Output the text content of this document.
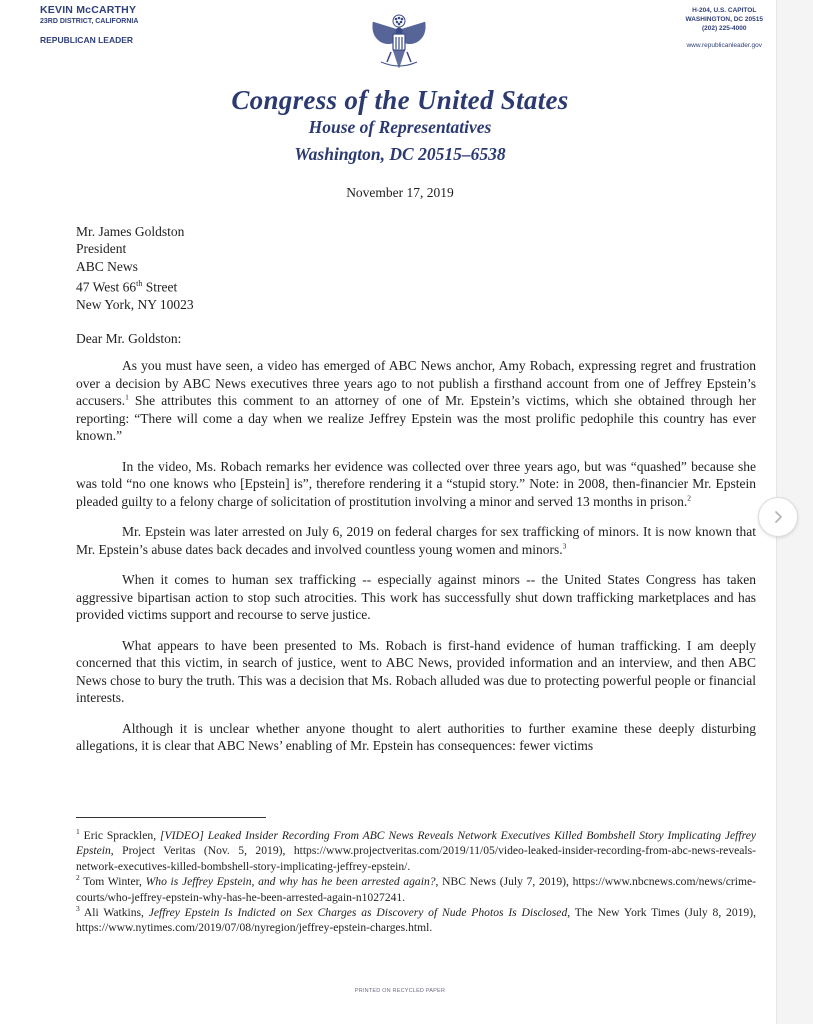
KEVIN McCARTHY
23RD DISTRICT, CALIFORNIA
REPUBLICAN LEADER
H-204, U.S. CAPITOL
WASHINGTON, DC 20515
(202) 225-4000
www.republicanleader.gov
Congress of the United States
House of Representatives
Washington, DC 20515–6538
November 17, 2019
Mr. James Goldston
President
ABC News
47 West 66th Street
New York, NY 10023
Dear Mr. Goldston:

As you must have seen, a video has emerged of ABC News anchor, Amy Robach, expressing regret and frustration over a decision by ABC News executives three years ago to not publish a firsthand account from one of Jeffrey Epstein’s accusers.$^1$ She attributes this comment to an attorney of one of Mr. Epstein’s victims, which she obtained through her reporting: “There will come a day when we realize Jeffrey Epstein was the most prolific pedophile this country has ever known.”

In the video, Ms. Robach remarks her evidence was collected over three years ago, but was “quashed” because she was told “no one knows who [Epstein] is”, therefore rendering it a “stupid story.” Note: in 2008, then-financier Mr. Epstein pleaded guilty to a felony charge of solicitation of prostitution involving a minor and served 13 months in prison.$^2$

Mr. Epstein was later arrested on July 6, 2019 on federal charges for sex trafficking of minors. It is now known that Mr. Epstein’s abuse dates back decades and involved countless young women and minors.$^3$

When it comes to human sex trafficking -- especially against minors -- the United States Congress has taken aggressive bipartisan action to stop such atrocities. This work has successfully shut down trafficking marketplaces and has provided victims support and recourse to serve justice.

What appears to have been presented to Ms. Robach is first-hand evidence of human trafficking. I am deeply concerned that this victim, in search of justice, went to ABC News, provided information and an interview, and then ABC News chose to bury the truth. This was a decision that Ms. Robach alluded was due to protecting powerful people or financial interests.

Although it is unclear whether anyone thought to alert authorities to further examine these deeply disturbing allegations, it is clear that ABC News’ enabling of Mr. Epstein has consequences: fewer victims

$^1$ Eric Spracklen, [VIDEO] Leaked Insider Recording From ABC News Reveals Network Executives Killed Bombshell Story Implicating Jeffrey Epstein, Project Veritas (Nov. 5, 2019), https://www.projectveritas.com/2019/11/05/video-leaked-insider-recording-from-abc-news-reveals-network-executives-killed-bombshell-story-implicating-jeffrey-epstein/.

$^2$ Tom Winter, Who is Jeffrey Epstein, and why has he been arrested again?, NBC News (July 7, 2019), https://www.nbcnews.com/news/crime-courts/who-jeffrey-epstein-why-has-he-been-arrested-again-n1027241.

$^3$ Ali Watkins, Jeffrey Epstein Is Indicted on Sex Charges as Discovery of Nude Photos Is Disclosed, The New York Times (July 8, 2019), https://www.nytimes.com/2019/07/08/nyregion/jeffrey-epstein-charges.html.

PRINTED ON RECYCLED PAPER
